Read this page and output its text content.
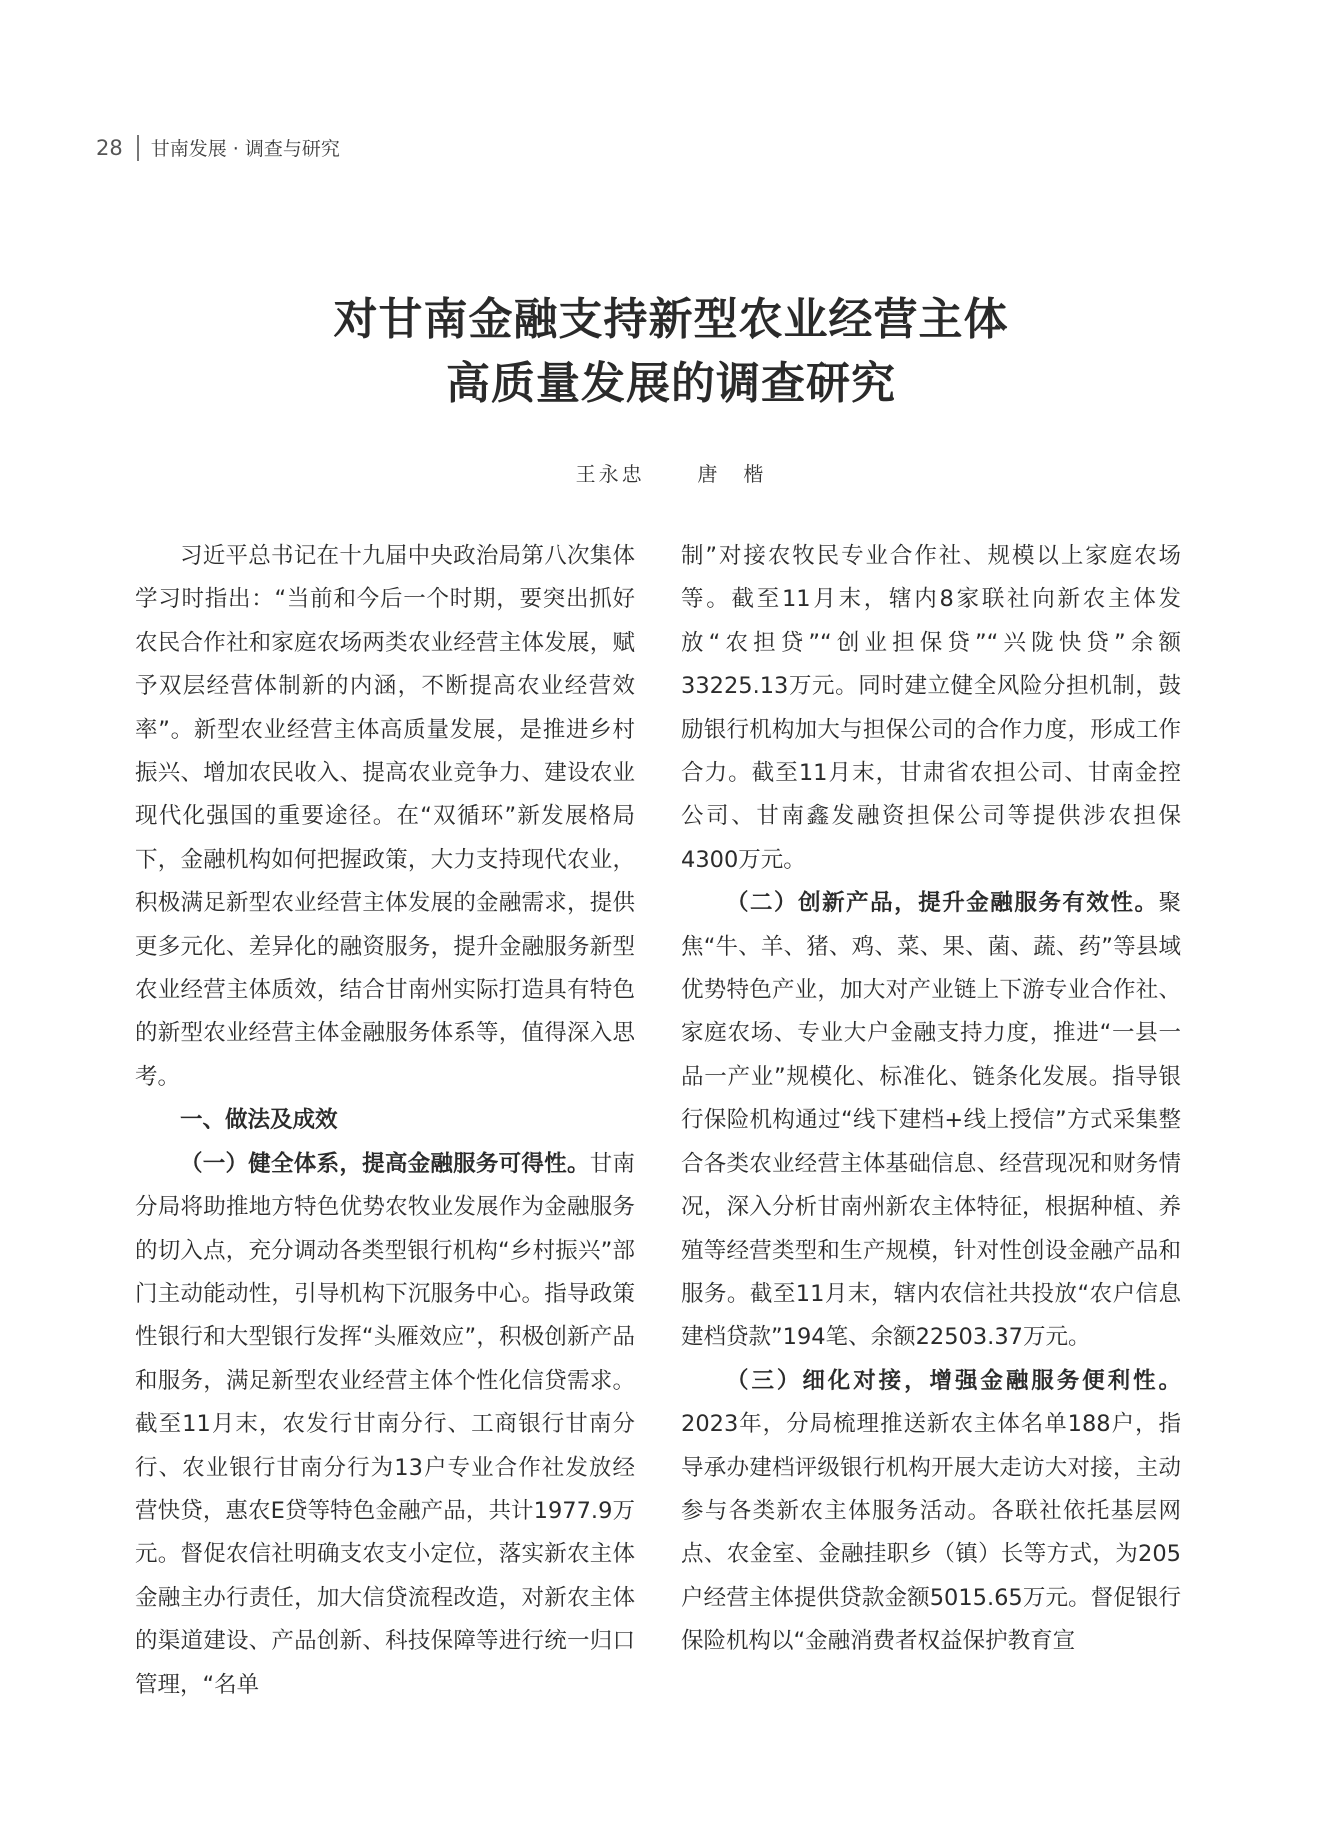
28 甘南发展 · 调查与研究
对甘南金融支持新型农业经营主体
高质量发展的调查研究
王永忠	唐　楷

习近平总书记在十九届中央政治局第八次集体学习时指出：“当前和今后一个时期，要突出抓好农民合作社和家庭农场两类农业经营主体发展，赋予双层经营体制新的内涵，不断提高农业经营效率”。新型农业经营主体高质量发展，是推进乡村振兴、增加农民收入、提高农业竞争力、建设农业现代化强国的重要途径。在“双循环”新发展格局下，金融机构如何把握政策，大力支持现代农业，积极满足新型农业经营主体发展的金融需求，提供更多元化、差异化的融资服务，提升金融服务新型农业经营主体质效，结合甘南州实际打造具有特色的新型农业经营主体金融服务体系等，值得深入思考。

一、做法及成效

（一）健全体系，提高金融服务可得性。甘南分局将助推地方特色优势农牧业发展作为金融服务的切入点，充分调动各类型银行机构“乡村振兴”部门主动能动性，引导机构下沉服务中心。指导政策性银行和大型银行发挥“头雁效应”，积极创新产品和服务，满足新型农业经营主体个性化信贷需求。截至11月末，农发行甘南分行、工商银行甘南分行、农业银行甘南分行为13户专业合作社发放经营快贷，惠农E贷等特色金融产品，共计1977.9万元。督促农信社明确支农支小定位，落实新农主体金融主办行责任，加大信贷流程改造，对新农主体的渠道建设、产品创新、科技保障等进行统一归口管理，“名单

制”对接农牧民专业合作社、规模以上家庭农场等。截至11月末，辖内8家联社向新农主体发放“农担贷”“创业担保贷”“兴陇快贷”余额33225.13万元。同时建立健全风险分担机制，鼓励银行机构加大与担保公司的合作力度，形成工作合力。截至11月末，甘肃省农担公司、甘南金控公司、甘南鑫发融资担保公司等提供涉农担保4300万元。

（二）创新产品，提升金融服务有效性。聚焦“牛、羊、猪、鸡、菜、果、菌、蔬、药”等县域优势特色产业，加大对产业链上下游专业合作社、家庭农场、专业大户金融支持力度，推进“一县一品一产业”规模化、标准化、链条化发展。指导银行保险机构通过“线下建档+线上授信”方式采集整合各类农业经营主体基础信息、经营现况和财务情况，深入分析甘南州新农主体特征，根据种植、养殖等经营类型和生产规模，针对性创设金融产品和服务。截至11月末，辖内农信社共投放“农户信息建档贷款”194笔、余额22503.37万元。

（三）细化对接，增强金融服务便利性。2023年，分局梳理推送新农主体名单188户，指导承办建档评级银行机构开展大走访大对接，主动参与各类新农主体服务活动。各联社依托基层网点、农金室、金融挂职乡（镇）长等方式，为205户经营主体提供贷款金额5015.65万元。督促银行保险机构以“金融消费者权益保护教育宣
